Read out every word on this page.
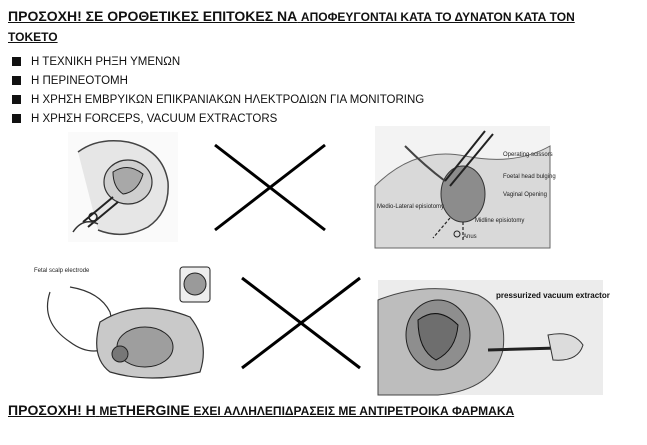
ΠΡΟΣΟΧΗ! ΣΕ ΟΡΟΘΕΤΙΚΕΣ ΕΠΙΤΟΚΕΣ ΝΑ ΑΠΟΦΕΥΓΟΝΤΑΙ ΚΑΤΑ ΤΟ ΔΥΝΑΤΟΝ ΚΑΤΑ ΤΟΝ
ΤΟΚΕΤΟ
Η ΤΕΧΝΙΚΗ ΡΗΞΗ ΥΜΕΝΩΝ
Η ΠΕΡΙΝΕΟΤΟΜΗ
Η ΧΡΗΣΗ ΕΜΒΡΥΙΚΩΝ ΕΠΙΚΡΑΝΙΑΚΩΝ ΗΛΕΚΤΡΟΔΙΩΝ ΓΙΑ MONITORING
Η ΧΡΗΣΗ FORCEPS, VACUUM EXTRACTORS
Operating scissors
Foetal head bulging
Vaginal Opening
Medio-Lateral episiotomy
Midline episiotomy
Anus
Fetal scalp electrode
pressurized vacuum extractor
ΠΡΟΣΟΧΗ! Η ΜΕTHERGINE ΕΧΕΙ ΑΛΛΗΛΕΠΙΔΡΑΣΕΙΣ ΜΕ ΑΝΤΙΡΕΤΡΟΙΚΑ ΦΑΡΜΑΚΑ
